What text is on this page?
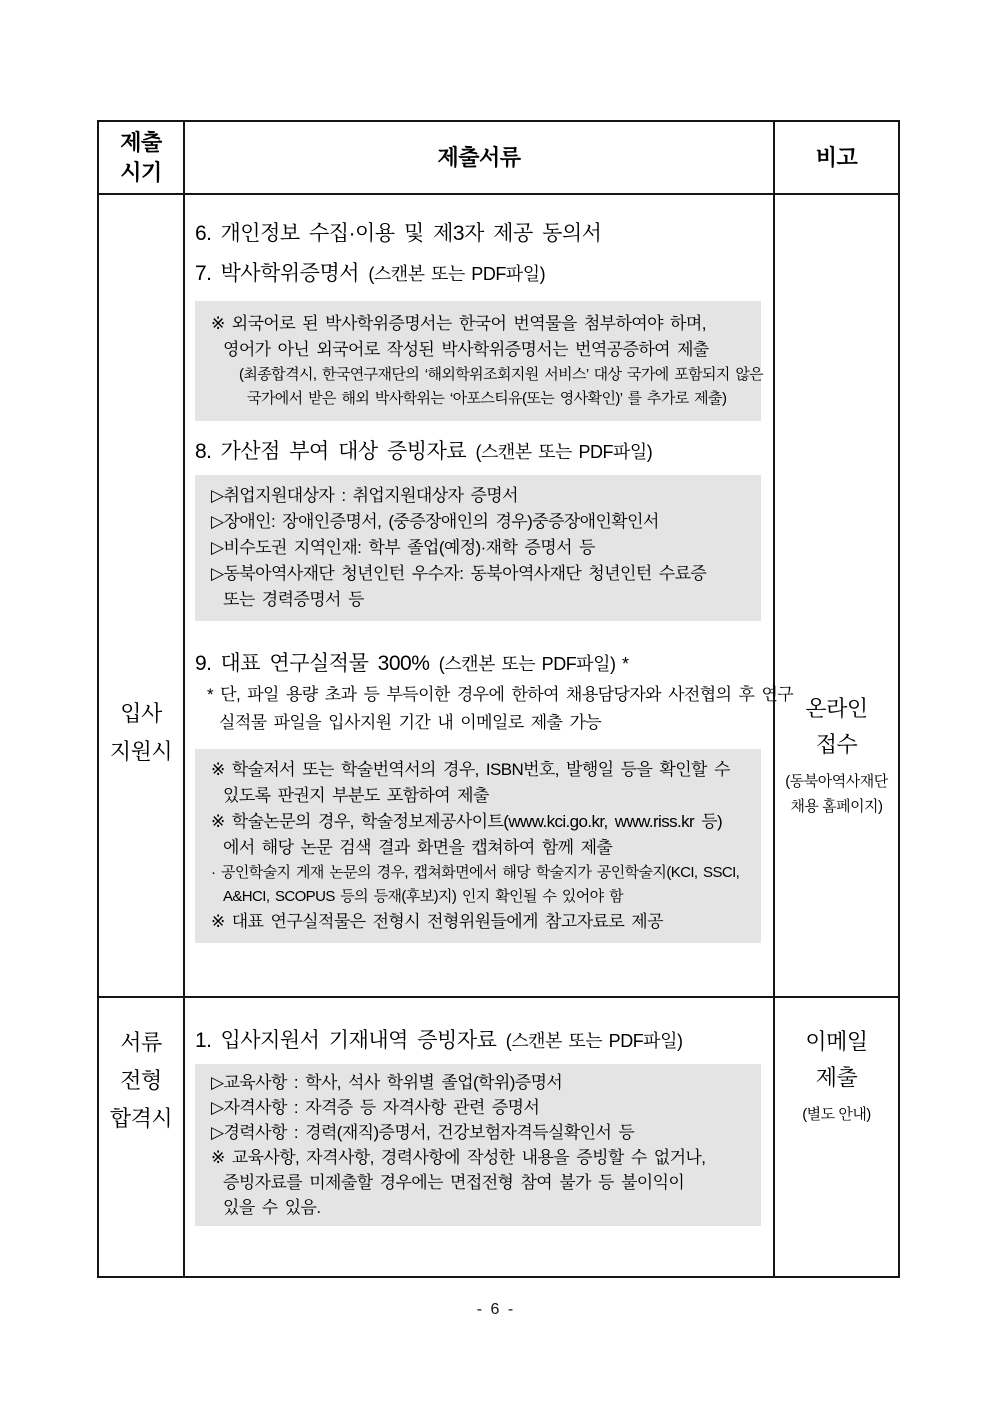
제출
시기
제출서류	비고
입사
지원시
6. 개인정보 수집·이용 및 제3자 제공 동의서
7. 박사학위증명서 (스캔본 또는 PDF파일)
※ 외국어로 된 박사학위증명서는 한국어 번역물을 첨부하여야 하며,
영어가 아닌 외국어로 작성된 박사학위증명서는 번역공증하여 제출
(최종합격시, 한국연구재단의 ‘해외학위조회지원 서비스’ 대상 국가에 포함되지 않은
국가에서 받은 해외 박사학위는 ‘아포스티유(또는 영사확인)’ 를 추가로 제출)
8. 가산점 부여 대상 증빙자료 (스캔본 또는 PDF파일)
▷취업지원대상자 : 취업지원대상자 증명서
▷장애인: 장애인증명서, (중증장애인의 경우)중증장애인확인서
▷비수도권 지역인재: 학부 졸업(예정)·재학 증명서 등
▷동북아역사재단 청년인턴 우수자: 동북아역사재단 청년인턴 수료증
또는 경력증명서 등
9. 대표 연구실적물 300% (스캔본 또는 PDF파일) *
* 단, 파일 용량 초과 등 부득이한 경우에 한하여 채용담당자와 사전협의 후 연구
실적물 파일을 입사지원 기간 내 이메일로 제출 가능
※ 학술저서 또는 학술번역서의 경우, ISBN번호, 발행일 등을 확인할 수
있도록 판권지 부분도 포함하여 제출
※ 학술논문의 경우, 학술정보제공사이트(www.kci.go.kr, www.riss.kr 등)
에서 해당 논문 검색 결과 화면을 캡쳐하여 함께 제출
· 공인학술지 게재 논문의 경우, 캡쳐화면에서 해당 학술지가 공인학술지(KCI, SSCI,
A&HCI, SCOPUS 등의 등재(후보)지) 인지 확인될 수 있어야 함
※ 대표 연구실적물은 전형시 전형위원들에게 참고자료로 제공
온라인
접수
(동북아역사재단
채용 홈페이지)
서류
전형
합격시
1. 입사지원서 기재내역 증빙자료 (스캔본 또는 PDF파일)
▷교육사항 : 학사, 석사 학위별 졸업(학위)증명서
▷자격사항 : 자격증 등 자격사항 관련 증명서
▷경력사항 : 경력(재직)증명서, 건강보험자격득실확인서 등
※ 교육사항, 자격사항, 경력사항에 작성한 내용을 증빙할 수 없거나,
증빙자료를 미제출할 경우에는 면접전형 참여 불가 등 불이익이
있을 수 있음.
이메일
제출
(별도 안내)
- 6 -
